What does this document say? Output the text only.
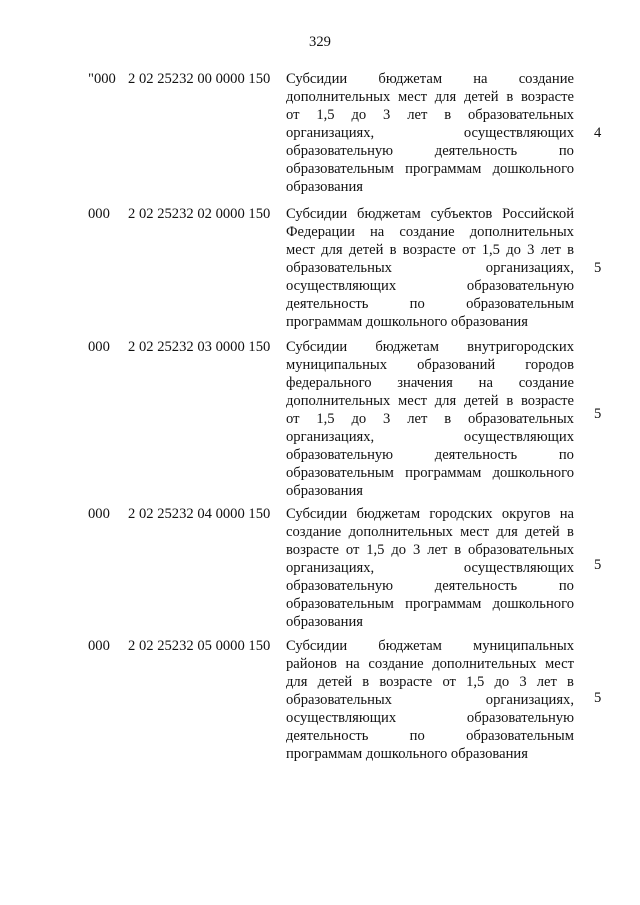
329
"000 2 02 25232 00 0000 150 Субсидии бюджетам на создание
дополнительных мест для детей в возрасте
от 1,5 до 3 лет в образовательных
организациях,	осуществляющих
образовательную	деятельность	по
образовательным программам дошкольного
образования
4
000 2 02 25232 02 0000 150 Субсидии бюджетам субъектов Российской
Федерации на создание дополнительных
мест для детей в возрасте от 1,5 до 3 лет в
образовательных	организациях,
осуществляющих	образовательную
деятельность	по	образовательным
программам дошкольного образования
5
000 2 02 25232 03 0000 150 Субсидии бюджетам внутригородских
муниципальных образований городов
федерального значения на создание
дополнительных мест для детей в возрасте
от 1,5 до 3 лет в образовательных
организациях,	осуществляющих
образовательную	деятельность	по
образовательным программам дошкольного
образования
5
000 2 02 25232 04 0000 150 Субсидии бюджетам городских округов на
создание дополнительных мест для детей в
возрасте от 1,5 до 3 лет в образовательных
организациях,	осуществляющих
образовательную	деятельность	по
образовательным программам дошкольного
образования
5
000 2 02 25232 05 0000 150 Субсидии бюджетам муниципальных
районов на создание дополнительных мест
для детей в возрасте от 1,5 до 3 лет в
образовательных	организациях,
осуществляющих	образовательную
деятельность	по	образовательным
программам дошкольного образования
5
